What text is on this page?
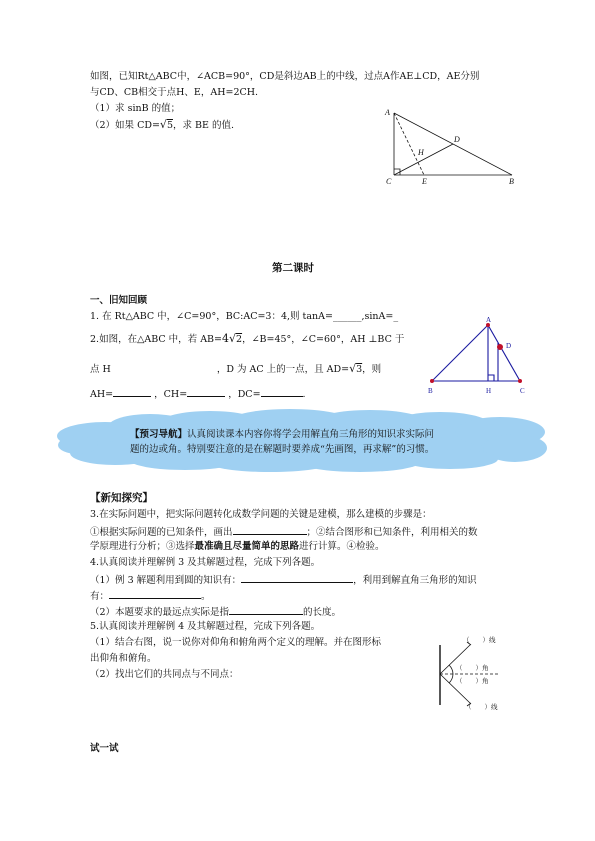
如图，已知Rt△ABC中，∠ACB=90°，CD是斜边AB上的中线，过点A作AE⊥CD，AE分别
与CD、CB相交于点H、E，AH=2CH.
（1）求 sinB 的值；
（2）如果 CD=√5，求 BE 的值.
A
D
H
C	E	B
第二课时
一、旧知回顾
1. 在 Rt△ABC 中，∠C=90°，BC:AC=3：4,则 tanA=______,sinA=_
2.如图，在△ABC 中，若 AB=4√2，∠B=45°，∠C=60°，AH ⊥BC 于
点 H	，D 为 AC 上的一点，且 AD=√3，则
AH=	，CH=	，DC=	.
A
D
B	H	C
【预习导航】认真阅读课本内容你将学会用解直角三角形的知识求实际问
题的边或角。特别要注意的是在解题时要养成“先画图，再求解”的习惯。
【新知探究】
3.在实际问题中，把实际问题转化成数学问题的关键是建模，那么建模的步骤是：
①根据实际问题的已知条件，画出	；②结合图形和已知条件，利用相关的数
学原理进行分析；③选择最准确且尽量简单的思路进行计算。④检验。
4.认真阅读并理解例 3 及其解题过程，完成下列各题。
（1）例 3 解题利用到圆的知识有：	，利用到解直角三角形的知识
有：	。
（2）本题要求的最远点实际是指	的长度。
5.认真阅读并理解例 4 及其解题过程，完成下列各题。
（1）结合右图，说一说你对仰角和俯角两个定义的理解。并在图形标
出仰角和俯角。
（2）找出它们的共同点与不同点：
（　　）线
（　　）角
（　　）角
（　　）线
试一试
